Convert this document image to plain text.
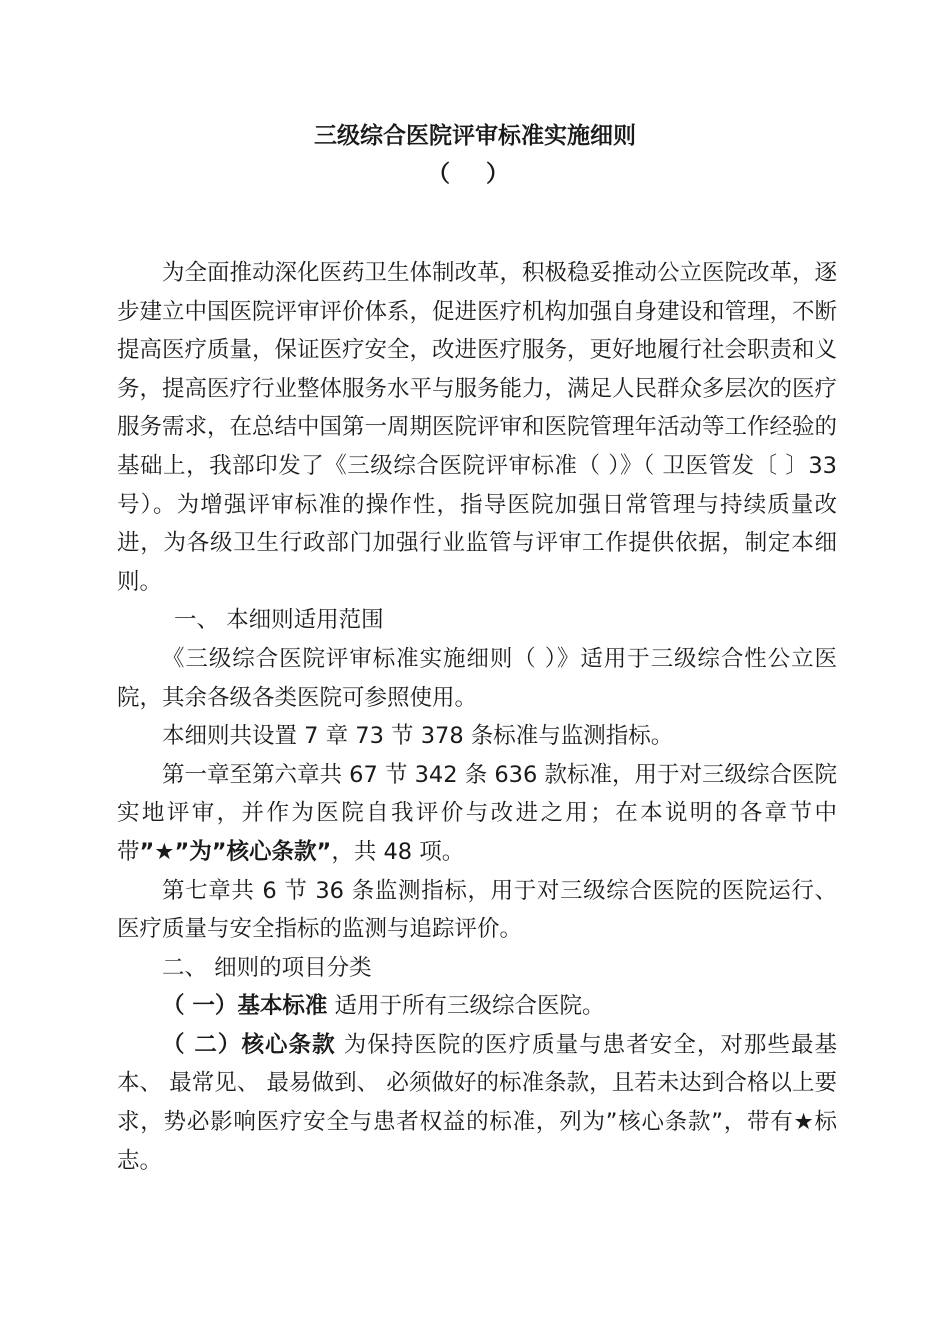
三级综合医院评审标准实施细则
（ ）

为全面推动深化医药卫生体制改革，积极稳妥推动公立医院改革，逐步建立中国医院评审评价体系，促进医疗机构加强自身建设和管理，不断提高医疗质量，保证医疗安全，改进医疗服务，更好地履行社会职责和义务，提高医疗行业整体服务水平与服务能力，满足人民群众多层次的医疗服务需求，在总结中国第一周期医院评审和医院管理年活动等工作经验的基础上，我部印发了《三级综合医院评审标准（ ）》（ 卫医管发〔 〕33 号）。为增强评审标准的操作性，指导医院加强日常管理与持续质量改进，为各级卫生行政部门加强行业监管与评审工作提供依据，制定本细则。

一、 本细则适用范围

《三级综合医院评审标准实施细则（ ）》适用于三级综合性公立医院，其余各级各类医院可参照使用。

本细则共设置 7 章 73 节 378 条标准与监测指标。

第一章至第六章共 67 节 342 条 636 款标准，用于对三级综合医院实地评审，并作为医院自我评价与改进之用；在本说明的各章节中带”★”为”核心条款”，共 48 项。

第七章共 6 节 36 条监测指标，用于对三级综合医院的医院运行、医疗质量与安全指标的监测与追踪评价。

二、 细则的项目分类

（ 一）基本标准 适用于所有三级综合医院。

（ 二）核心条款 为保持医院的医疗质量与患者安全，对那些最基本、 最常见、 最易做到、 必须做好的标准条款，且若未达到合格以上要求，势必影响医疗安全与患者权益的标准，列为”核心条款”，带有★标志。
